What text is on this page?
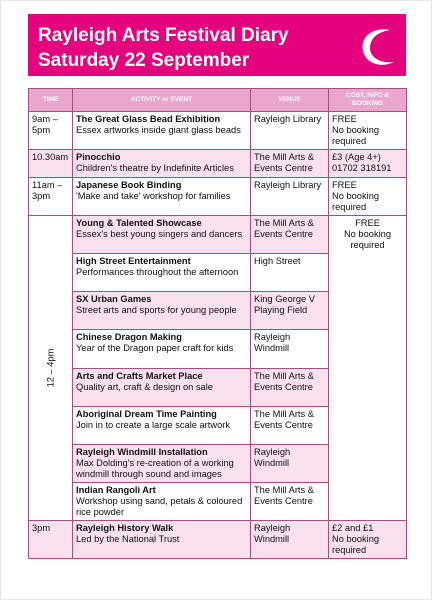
Rayleigh Arts Festival Diary
Saturday 22 September
TIME	ACTIVITY or EVENT	VENUE	COST, INFO & BOOKING
9am – 5pm	The Great Glass Bead Exhibition
Essex artworks inside giant glass beads	Rayleigh Library	FREE
No booking required

10.30am	Pinocchio
Children's theatre by Indefinite Articles	The Mill Arts & Events Centre	£3 (Age 4+)
01702 318191

11am – 3pm	Japanese Book Binding
'Make and take' workshop for families	Rayleigh Library	FREE
No booking required

12 – 4pm	Young & Talented Showcase
Essex's best young singers and dancers	The Mill Arts & Events Centre	FREE
No booking required

	High Street Entertainment
Performances throughout the afternoon	High Street	

	SX Urban Games
Street arts and sports for young people	King George V Playing Field	

	Chinese Dragon Making
Year of the Dragon paper craft for kids	Rayleigh Windmill	

	Arts and Crafts Market Place
Quality art, craft & design on sale	The Mill Arts & Events Centre	

	Aboriginal Dream Time Painting
Join in to create a large scale artwork	The Mill Arts & Events Centre	

	Rayleigh Windmill Installation
Max Dolding's re-creation of a working windmill through sound and images	Rayleigh Windmill	

	Indian Rangoli Art
Workshop using sand, petals & coloured rice powder	The Mill Arts & Events Centre	
3pm	Rayleigh History Walk
Led by the National Trust	Rayleigh Windmill	£2 and £1
No booking required
